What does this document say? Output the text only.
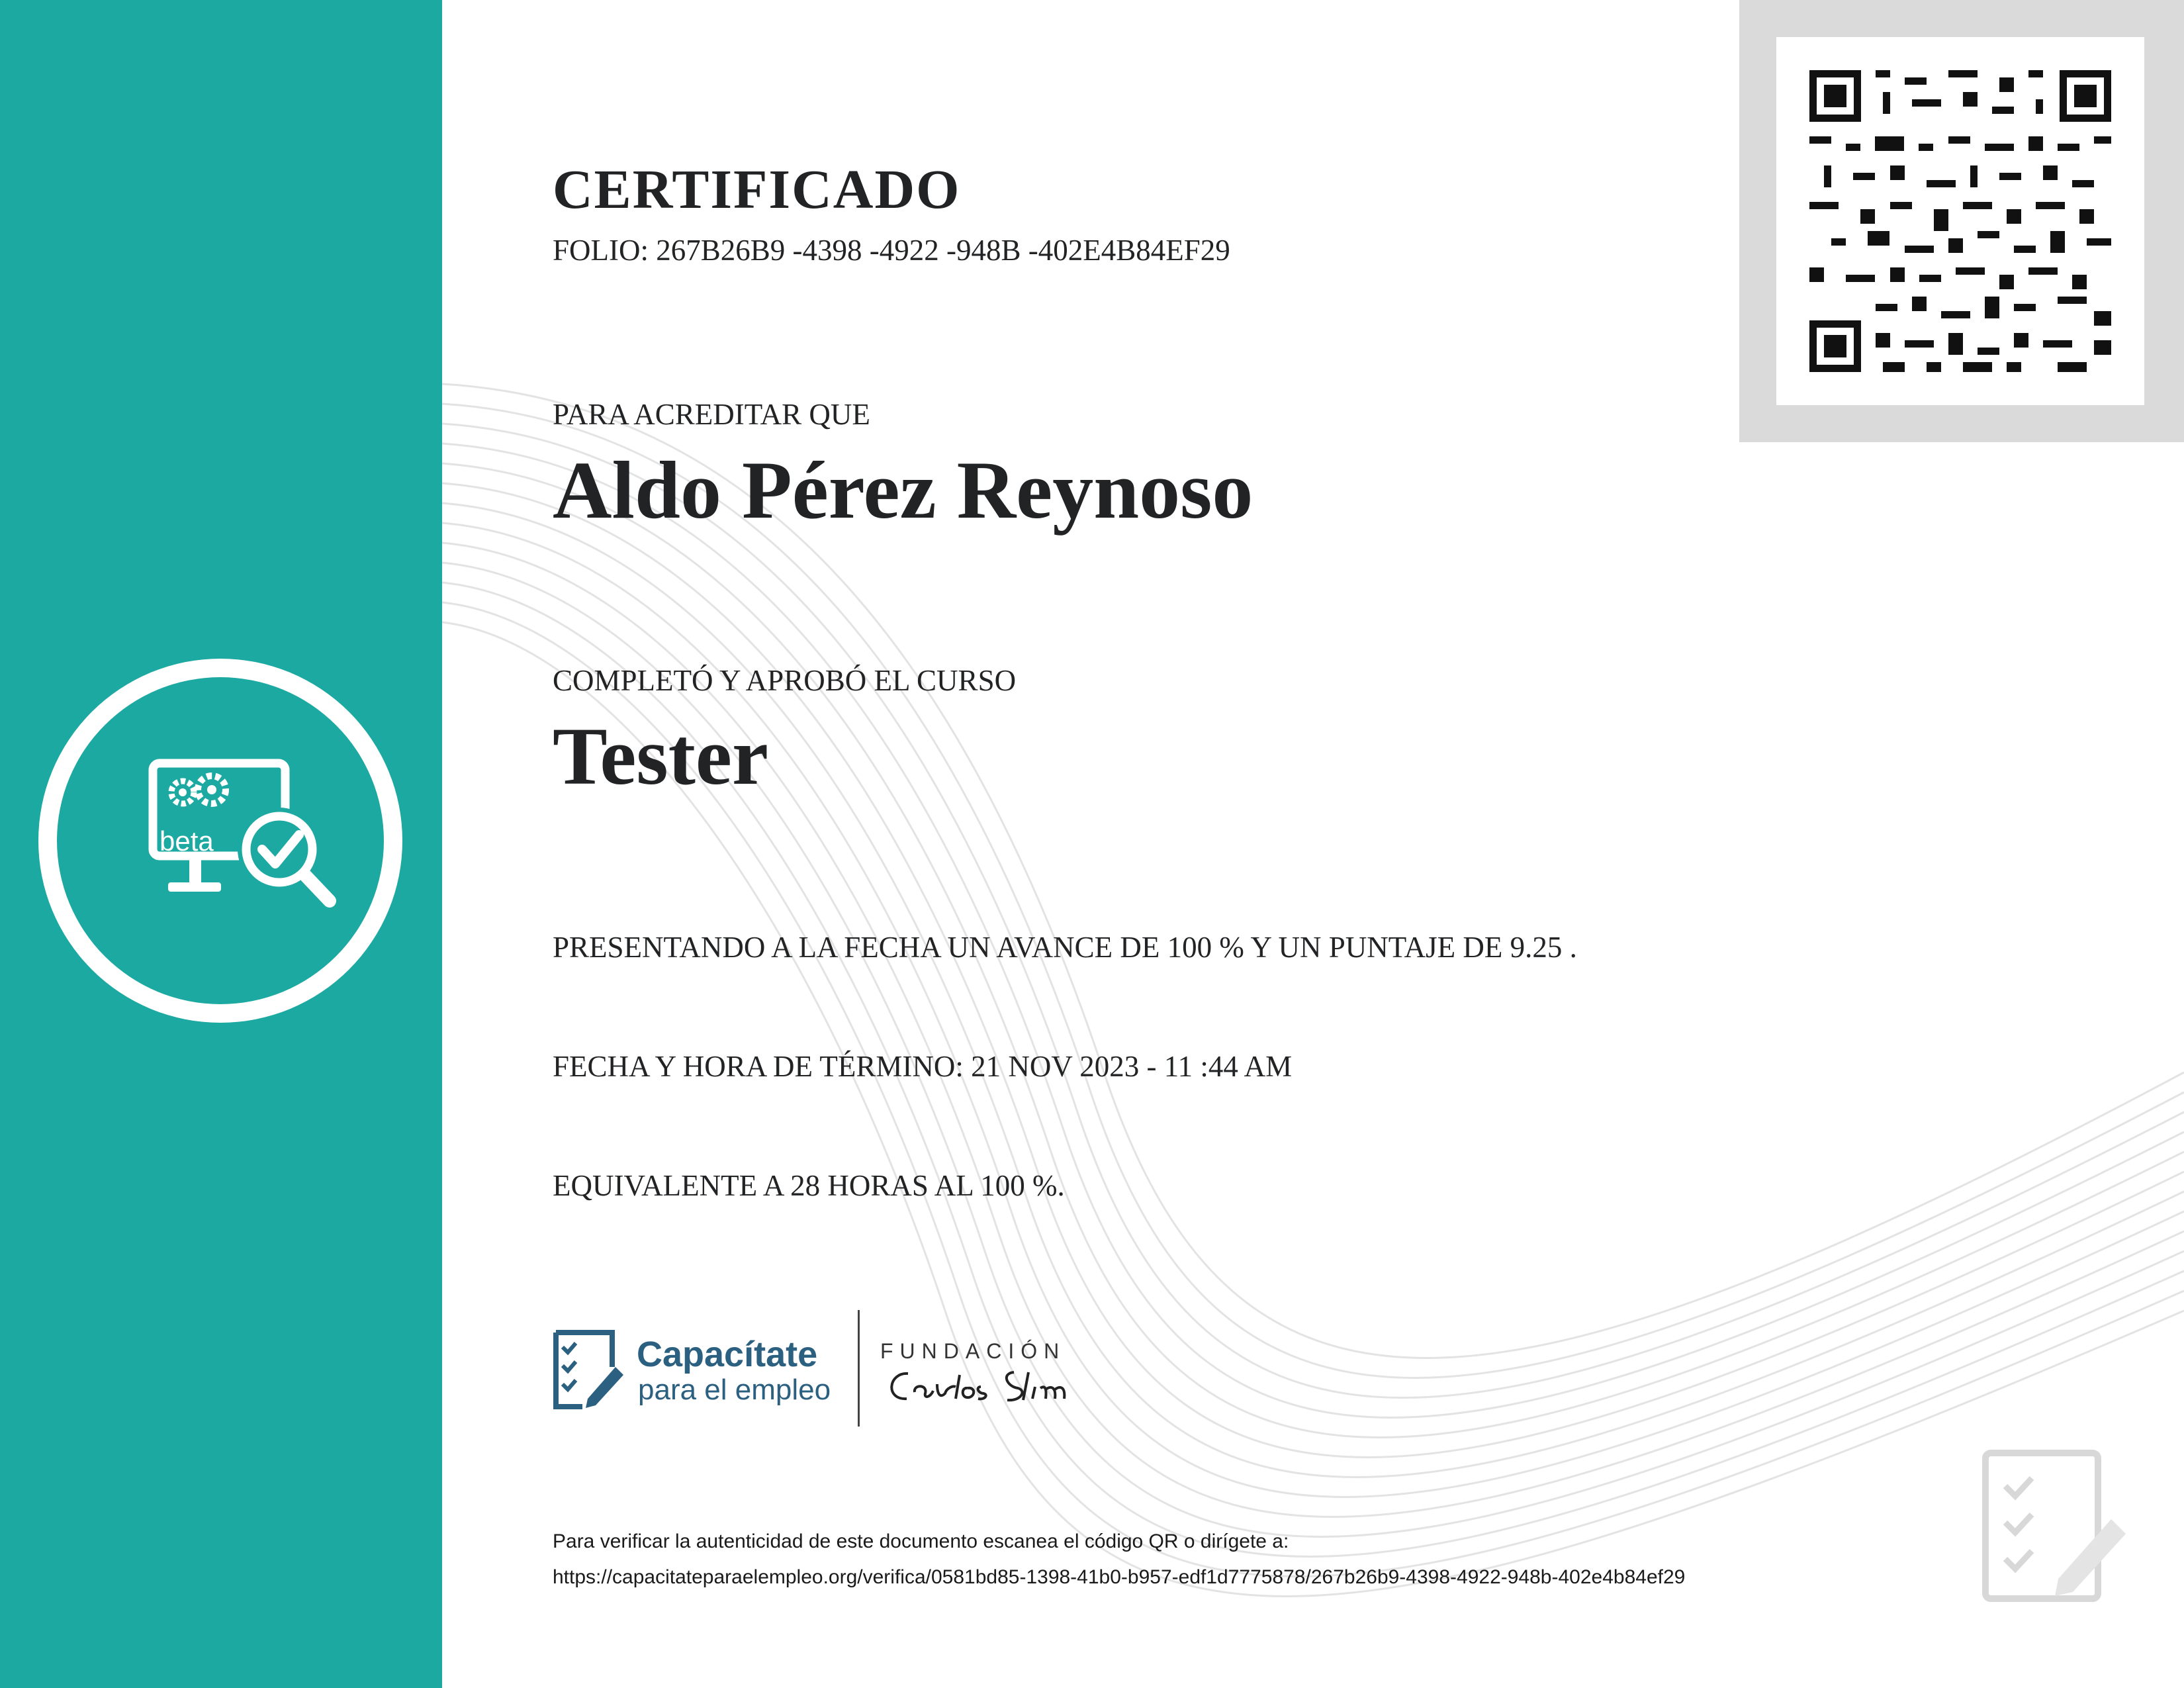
beta
CERTIFICADO
FOLIO: 267B26B9 -4398 -4922 -948B -402E4B84EF29
PARA ACREDITAR QUE
Aldo Pérez Reynoso
COMPLETÓ Y APROBÓ EL CURSO
Tester
PRESENTANDO A LA FECHA UN AVANCE DE 100 % Y UN PUNTAJE DE 9.25 .
FECHA Y HORA DE TÉRMINO: 21 NOV 2023 - 11 :44 AM
EQUIVALENTE A 28 HORAS AL 100 %.
Capacítate
para el empleo
FUNDACIÓN
Para verificar la autenticidad de este documento escanea el código QR o dirígete a:
https://capacitateparaelempleo.org/verifica/0581bd85-1398-41b0-b957-edf1d7775878/267b26b9-4398-4922-948b-402e4b84ef29
